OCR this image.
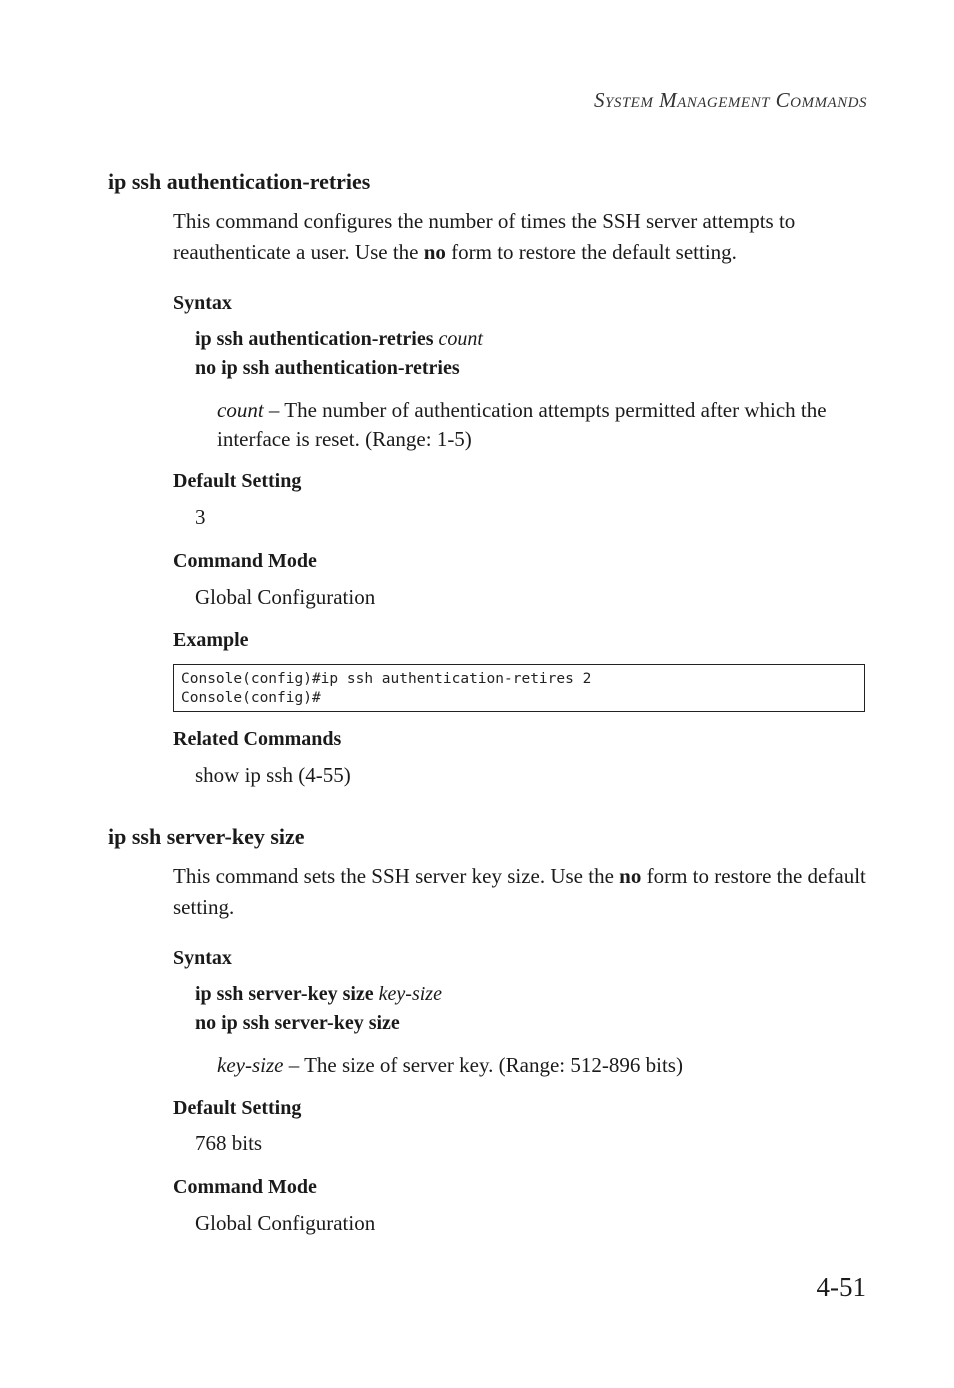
System Management Commands
ip ssh authentication-retries
This command configures the number of times the SSH server attempts to reauthenticate a user. Use the no form to restore the default setting.
Syntax
ip ssh authentication-retries count
no ip ssh authentication-retries
count – The number of authentication attempts permitted after which the interface is reset. (Range: 1-5)
Default Setting
3
Command Mode
Global Configuration
Example
Console(config)#ip ssh authentication-retires 2
Console(config)#
Related Commands
show ip ssh (4-55)
ip ssh server-key size
This command sets the SSH server key size. Use the no form to restore the default setting.
Syntax
ip ssh server-key size key-size
no ip ssh server-key size
key-size – The size of server key. (Range: 512-896 bits)
Default Setting
768 bits
Command Mode
Global Configuration
4-51
